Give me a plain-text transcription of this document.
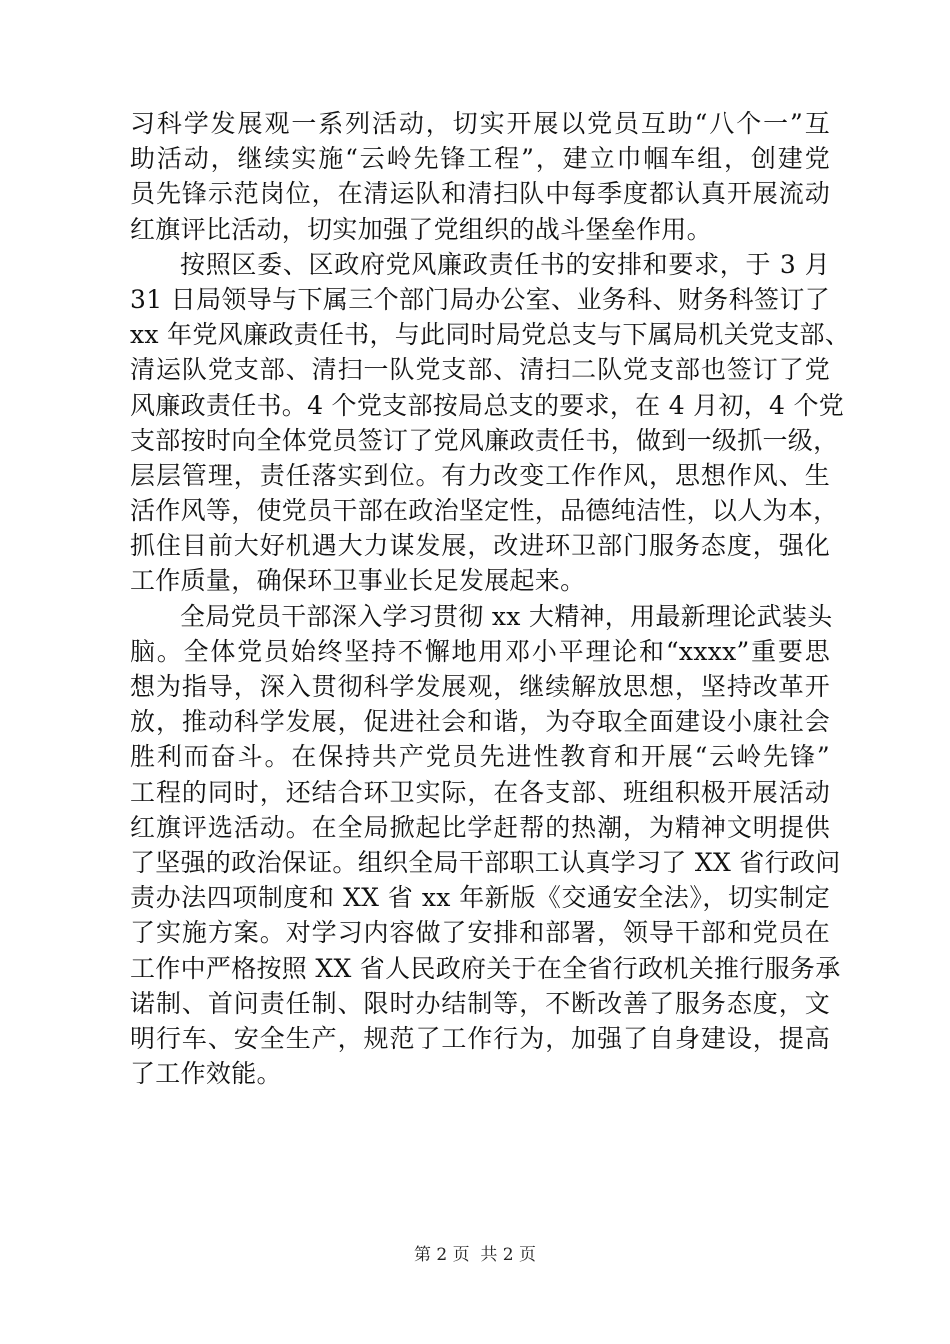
习科学发展观一系列活动，切实开展以党员互助“八个一”互
助活动，继续实施“云岭先锋工程”，建立巾帼车组，创建党
员先锋示范岗位，在清运队和清扫队中每季度都认真开展流动
红旗评比活动，切实加强了党组织的战斗堡垒作用。
按照区委、区政府党风廉政责任书的安排和要求，于 3 月
31 日局领导与下属三个部门局办公室、业务科、财务科签订了
xx 年党风廉政责任书，与此同时局党总支与下属局机关党支部、
清运队党支部、清扫一队党支部、清扫二队党支部也签订了党
风廉政责任书。4 个党支部按局总支的要求，在 4 月初，4 个党
支部按时向全体党员签订了党风廉政责任书，做到一级抓一级，
层层管理，责任落实到位。有力改变工作作风，思想作风、生
活作风等，使党员干部在政治坚定性，品德纯洁性，以人为本，
抓住目前大好机遇大力谋发展，改进环卫部门服务态度，强化
工作质量，确保环卫事业长足发展起来。
全局党员干部深入学习贯彻 xx 大精神，用最新理论武装头
脑。全体党员始终坚持不懈地用邓小平理论和“xxxx”重要思
想为指导，深入贯彻科学发展观，继续解放思想，坚持改革开
放，推动科学发展，促进社会和谐，为夺取全面建设小康社会
胜利而奋斗。在保持共产党员先进性教育和开展“云岭先锋”
工程的同时，还结合环卫实际，在各支部、班组积极开展活动
红旗评选活动。在全局掀起比学赶帮的热潮，为精神文明提供
了坚强的政治保证。组织全局干部职工认真学习了 XX 省行政问
责办法四项制度和 XX 省 xx 年新版《交通安全法》，切实制定
了实施方案。对学习内容做了安排和部署，领导干部和党员在
工作中严格按照 XX 省人民政府关于在全省行政机关推行服务承
诺制、首问责任制、限时办结制等，不断改善了服务态度，文
明行车、安全生产，规范了工作行为，加强了自身建设，提高
了工作效能。
第 2 页  共 2 页
